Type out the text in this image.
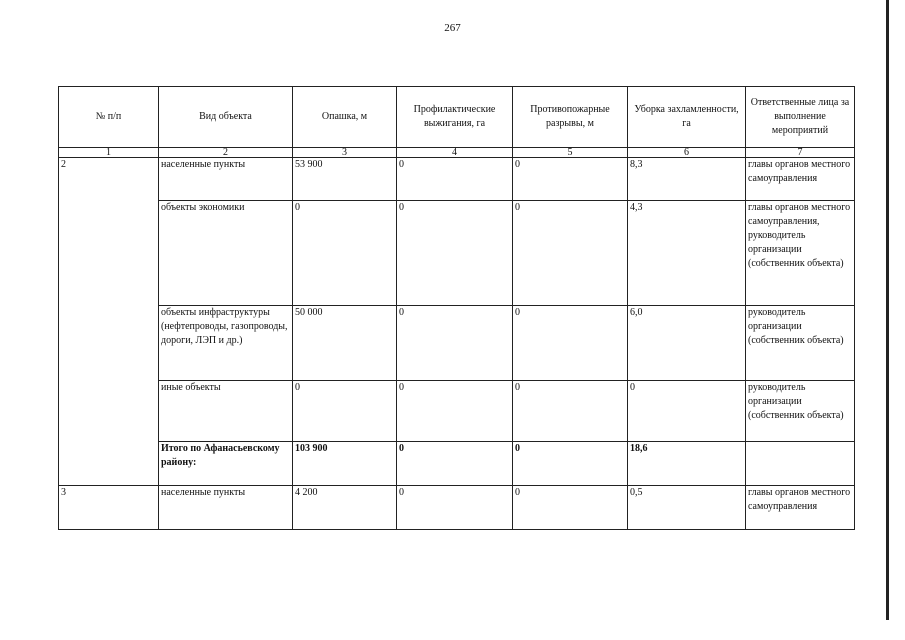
267
№ п/п	Вид объекта	Опашка, м	Профилактические выжигания, га	Противопожарные разрывы, м	Уборка захламленности, га	Ответственные лица за выполнение мероприятий
1	2	3	4	5	6	7
2	населенные пункты	53 900	0	0	8,3	главы органов местного самоуправления
	объекты экономики	0	0	0	4,3	главы органов местного самоуправления, руководитель организации (собственник объекта)
	объекты инфраструктуры (нефтепроводы, газопроводы, дороги, ЛЭП и др.)	50 000	0	0	6,0	руководитель организации (собственник объекта)
	иные объекты	0	0	0	0	руководитель организации (собственник объекта)
	Итого по Афанасьевскому району:	103 900	0	0	18,6	
3	населенные пункты	4 200	0	0	0,5	главы органов местного самоуправления
